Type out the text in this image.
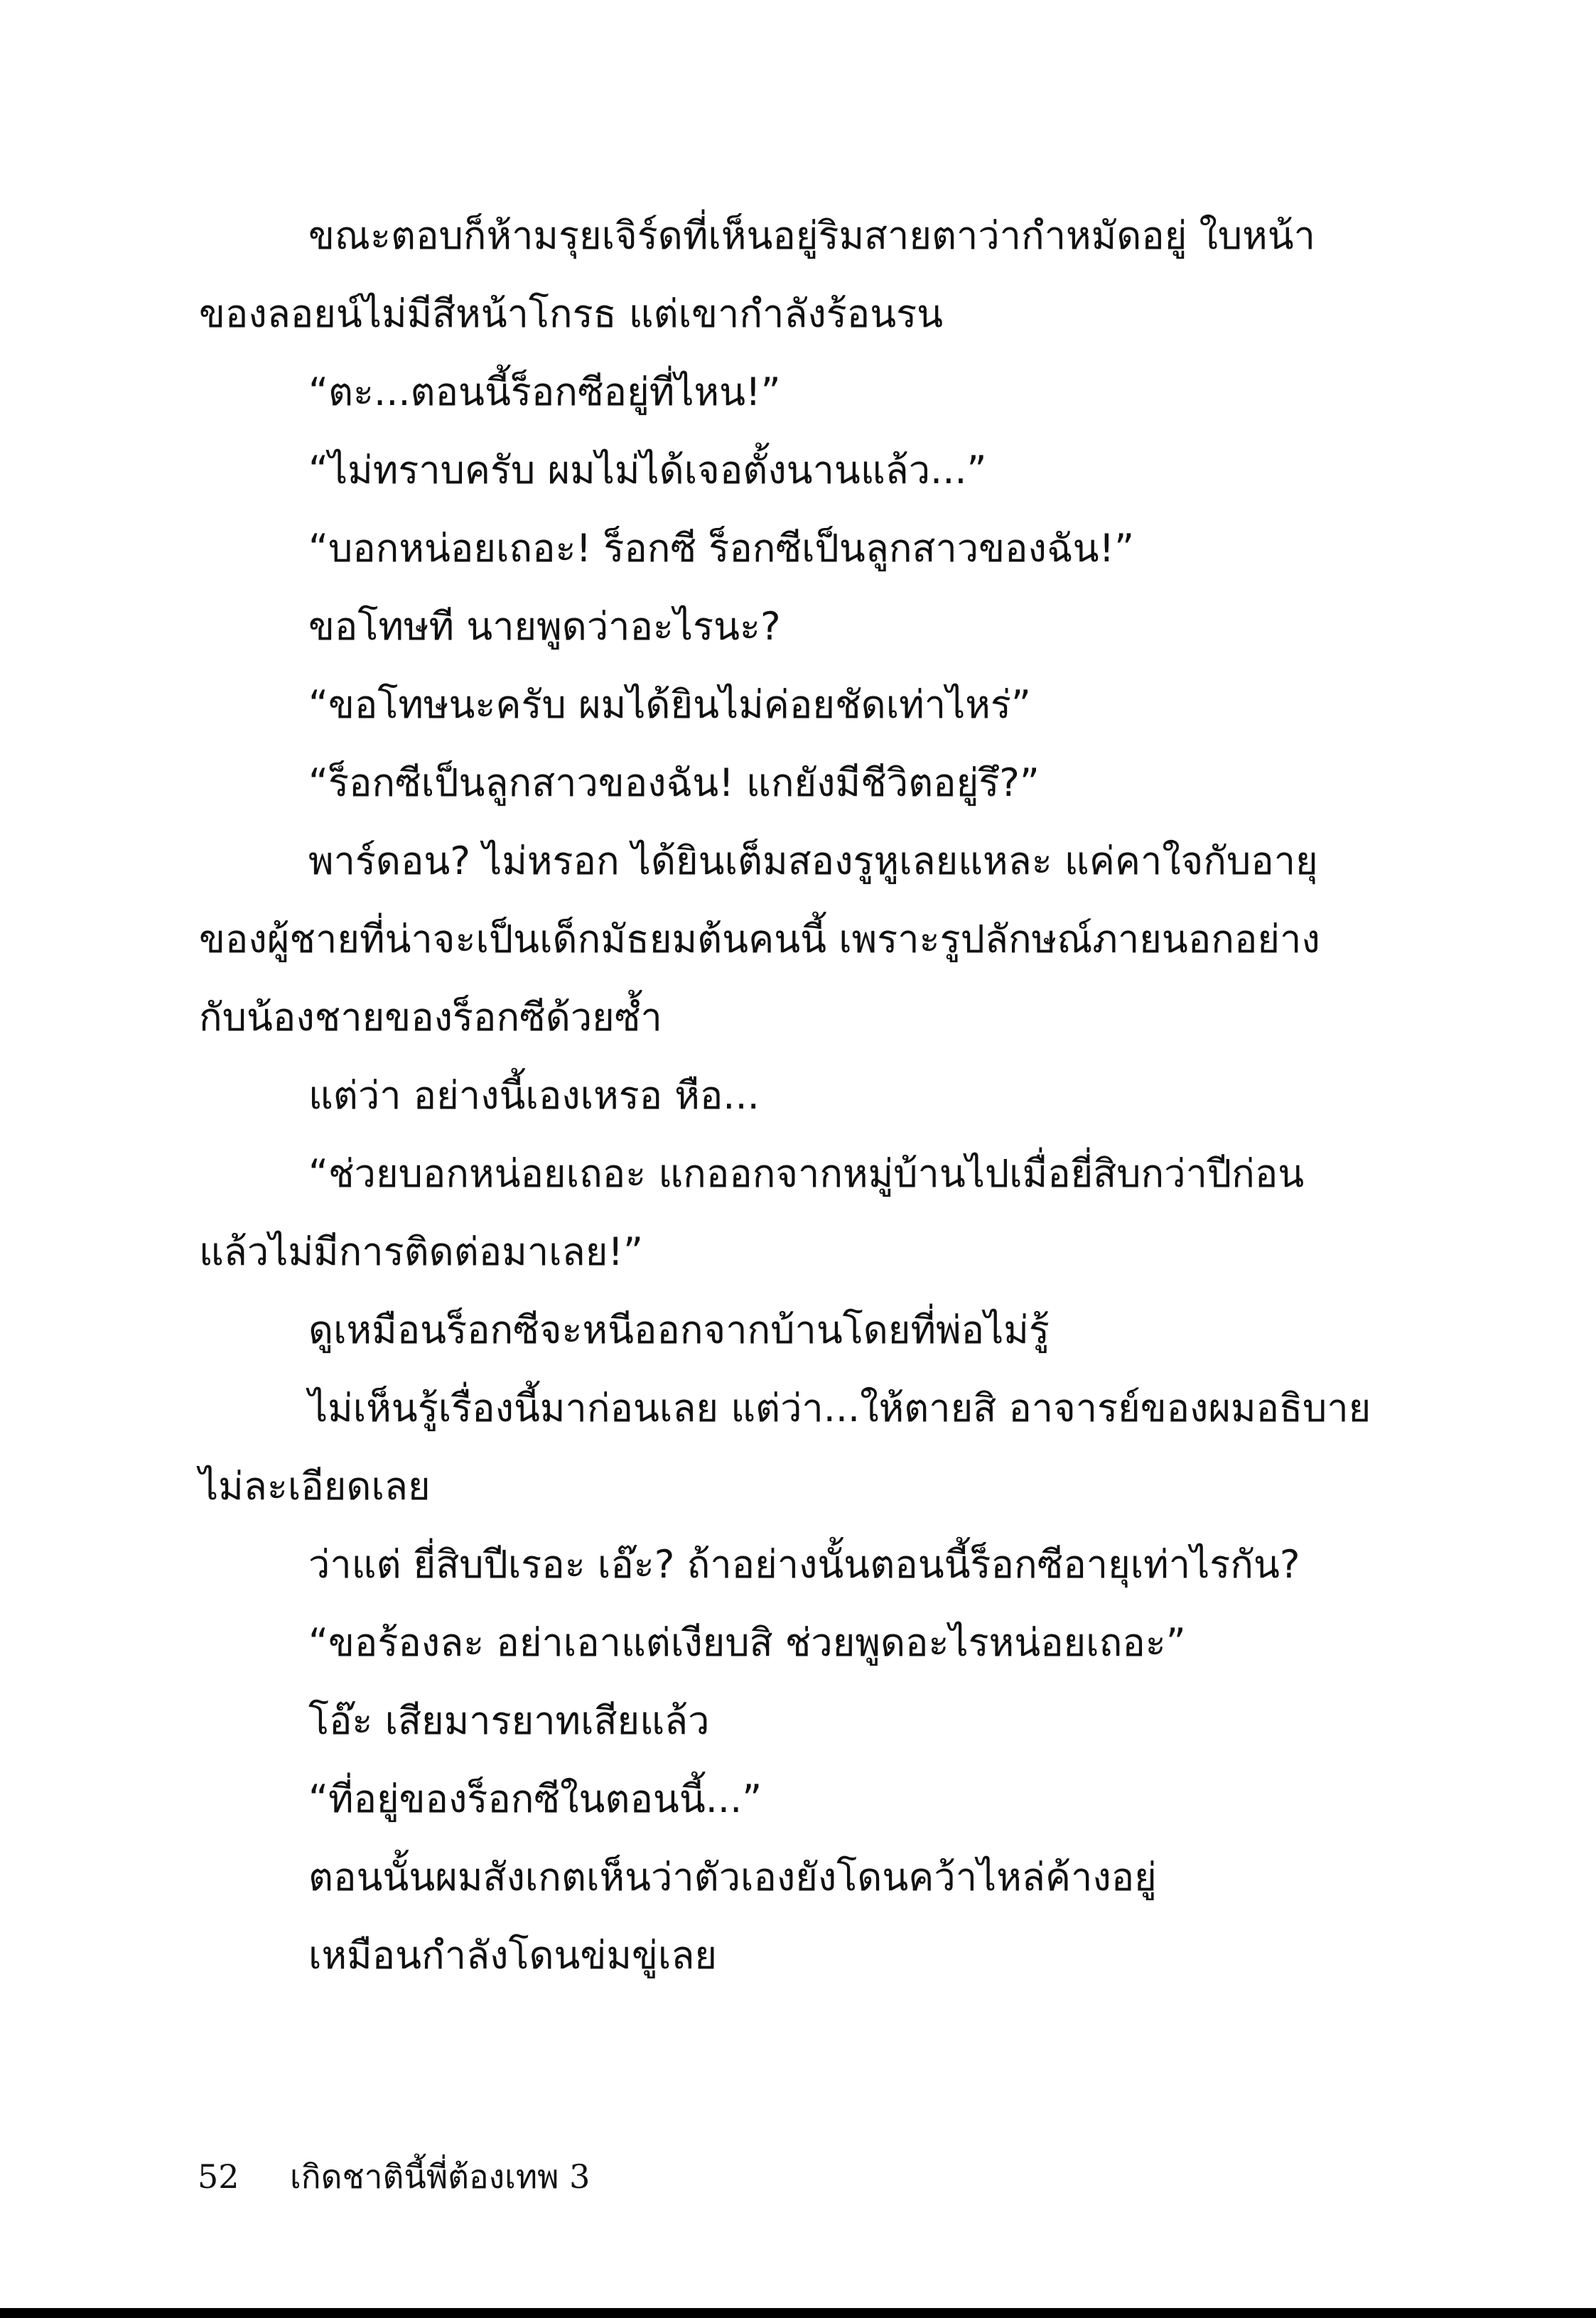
ขณะตอบก็ห้ามรุยเจิร์ดที่เห็นอยู่ริมสายตาว่ากำหมัดอยู่ ใบหน้า
ของลอยน์ไม่มีสีหน้าโกรธ แต่เขากำลังร้อนรน
“ตะ...ตอนนี้ร็อกซีอยู่ที่ไหน!”
“ไม่ทราบครับ ผมไม่ได้เจอตั้งนานแล้ว...”
“บอกหน่อยเถอะ! ร็อกซี ร็อกซีเป็นลูกสาวของฉัน!”
ขอโทษที นายพูดว่าอะไรนะ?
“ขอโทษนะครับ ผมได้ยินไม่ค่อยชัดเท่าไหร่”
“ร็อกซีเป็นลูกสาวของฉัน! แกยังมีชีวิตอยู่รึ?”
พาร์ดอน? ไม่หรอก ได้ยินเต็มสองรูหูเลยแหละ แค่คาใจกับอายุ
ของผู้ชายที่น่าจะเป็นเด็กมัธยมต้นคนนี้ เพราะรูปลักษณ์ภายนอกอย่าง
กับน้องชายของร็อกซีด้วยซ้ำ
แต่ว่า อย่างนี้เองเหรอ หือ...
“ช่วยบอกหน่อยเถอะ แกออกจากหมู่บ้านไปเมื่อยี่สิบกว่าปีก่อน
แล้วไม่มีการติดต่อมาเลย!”
ดูเหมือนร็อกซีจะหนีออกจากบ้านโดยที่พ่อไม่รู้
ไม่เห็นรู้เรื่องนี้มาก่อนเลย แต่ว่า...ให้ตายสิ อาจารย์ของผมอธิบาย
ไม่ละเอียดเลย
ว่าแต่ ยี่สิบปีเรอะ เอ๊ะ? ถ้าอย่างนั้นตอนนี้ร็อกซีอายุเท่าไรกัน?
“ขอร้องละ อย่าเอาแต่เงียบสิ ช่วยพูดอะไรหน่อยเถอะ”
โอ๊ะ เสียมารยาทเสียแล้ว
“ที่อยู่ของร็อกซีในตอนนี้...”
ตอนนั้นผมสังเกตเห็นว่าตัวเองยังโดนคว้าไหล่ค้างอยู่
เหมือนกำลังโดนข่มขู่เลย
52 เกิดชาตินี้พี่ต้องเทพ 3
